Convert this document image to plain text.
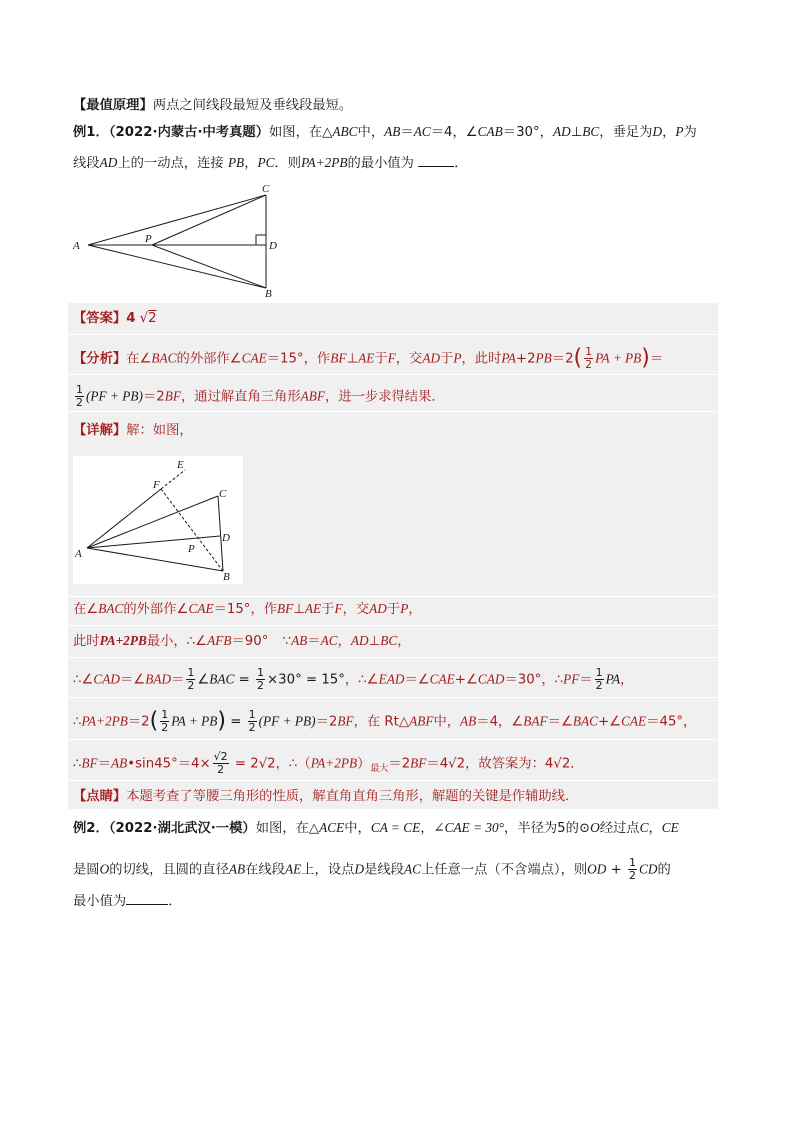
【最值原理】两点之间线段最短及垂线段最短。
例1．（2022·内蒙古·中考真题）如图，在△ABC中，AB＝AC＝4，∠CAB＝30°，AD⊥BC，垂足为D，P为
线段AD上的一动点，连接 PB，PC．则PA+2PB的最小值为	．
A
B
C
D
P
【答案】4 √2
【分析】在∠BAC的外部作∠CAE＝15°，作BF⊥AE于F，交AD于P，此时$PA+2PB=2( \frac{1}{2}$ PA + PB)＝
$\frac{1}{2} (PF + PB)=2BF$，通过解直角三角形ABF，进一步求得结果．
【详解】解：如图，
E
F
C
D
P
A
B
在∠BAC的外部作∠CAE＝15°，作BF⊥AE于F，交AD于P，
此时PA+2PB最小，∴∠AFB＝90° ∵AB＝AC，AD⊥BC，
∴∠CAD＝∠BAD＝ $\frac{1}{2}$ ∠BAC = $\frac{1}{2} \times 30^\circ = 15^\circ$，∴∠EAD＝∠CAE+∠CAD＝30°，∴PF＝ $\frac{1}{2}$ PA，
∴PA+2PB＝2( $\frac{1}{2}$ PA + $PB) = \frac{1}{2} (PF + PB)=2BF$，在 Rt△ABF中，AB＝4，∠BAF＝∠BAC+∠CAE＝45°，
∴BF＝AB•sin45°＝4× $\frac{√2}{2} = 2√2$，$\therefore(PA+2PB)_{最大}=2BF=4√2$，故答案为：4√2．
【点睛】本题考查了等腰三角形的性质，解直角直角三角形，解题的关键是作辅助线．
例2．（2022·湖北武汉·一模）如图，在△ACE中，CA = CE，∠CAE = 30°，半径为5的⊙O经过点C，CE
是圆O的切线，且圆的直径AB在线段AE上，设点D是线段AC上任意一点（不含端点），则OD + $\frac{1}{2}$ CD的
最小值为	．
